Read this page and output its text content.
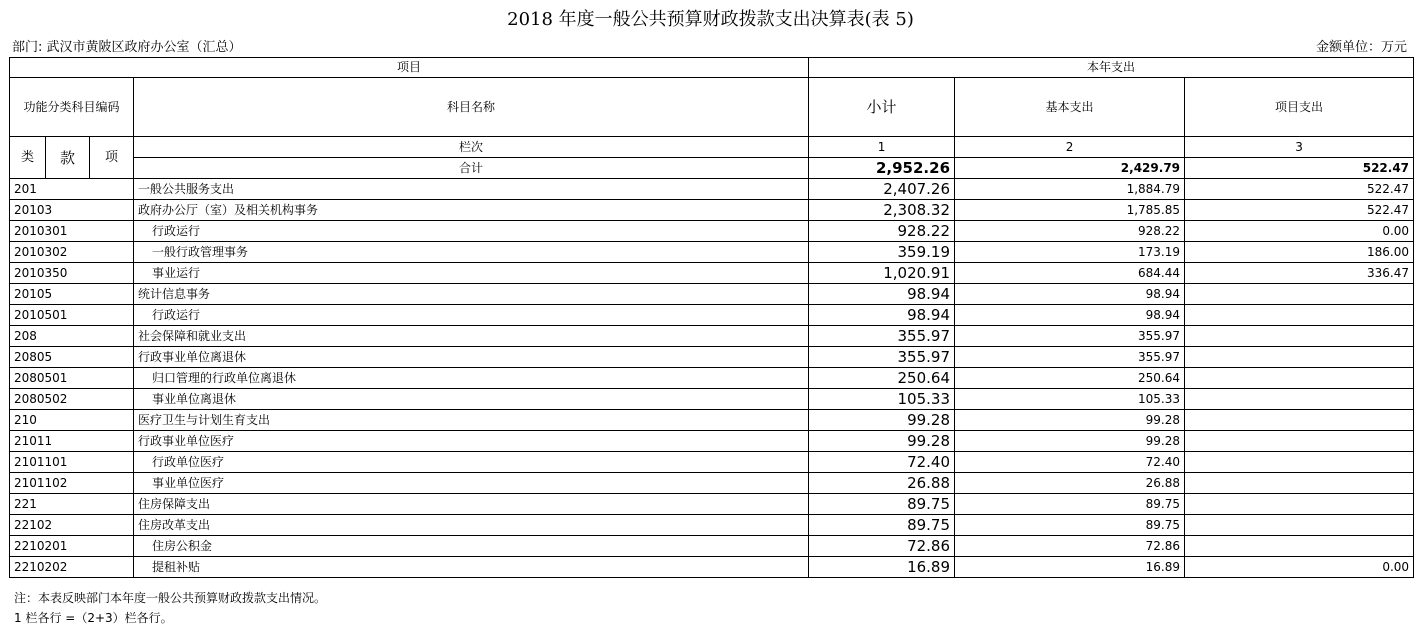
2018 年度一般公共预算财政拨款支出决算表(表 5)
部门: 武汉市黄陂区政府办公室（汇总）	金额单位：万元
项目				本年支出		
功能分类科目编码			科目名称	小计	基本支出	项目支出
类	款	项	栏次	1	2	3
			合计	2,952.26	2,429.79	522.47
201			一般公共服务支出	2,407.26	1,884.79	522.47
20103			政府办公厅（室）及相关机构事务	2,308.32	1,785.85	522.47
2010301			行政运行	928.22	928.22	0.00
2010302			一般行政管理事务	359.19	173.19	186.00
2010350			事业运行	1,020.91	684.44	336.47
20105			统计信息事务	98.94	98.94	
2010501			行政运行	98.94	98.94	
208			社会保障和就业支出	355.97	355.97	
20805			行政事业单位离退休	355.97	355.97	
2080501			归口管理的行政单位离退休	250.64	250.64	
2080502			事业单位离退休	105.33	105.33	
210			医疗卫生与计划生育支出	99.28	99.28	
21011			行政事业单位医疗	99.28	99.28	
2101101			行政单位医疗	72.40	72.40	
2101102			事业单位医疗	26.88	26.88	
221			住房保障支出	89.75	89.75	
22102			住房改革支出	89.75	89.75	
2210201			住房公积金	72.86	72.86	
2210202			提租补贴	16.89	16.89	0.00
注：本表反映部门本年度一般公共预算财政拨款支出情况。
1 栏各行 =（2+3）栏各行。
